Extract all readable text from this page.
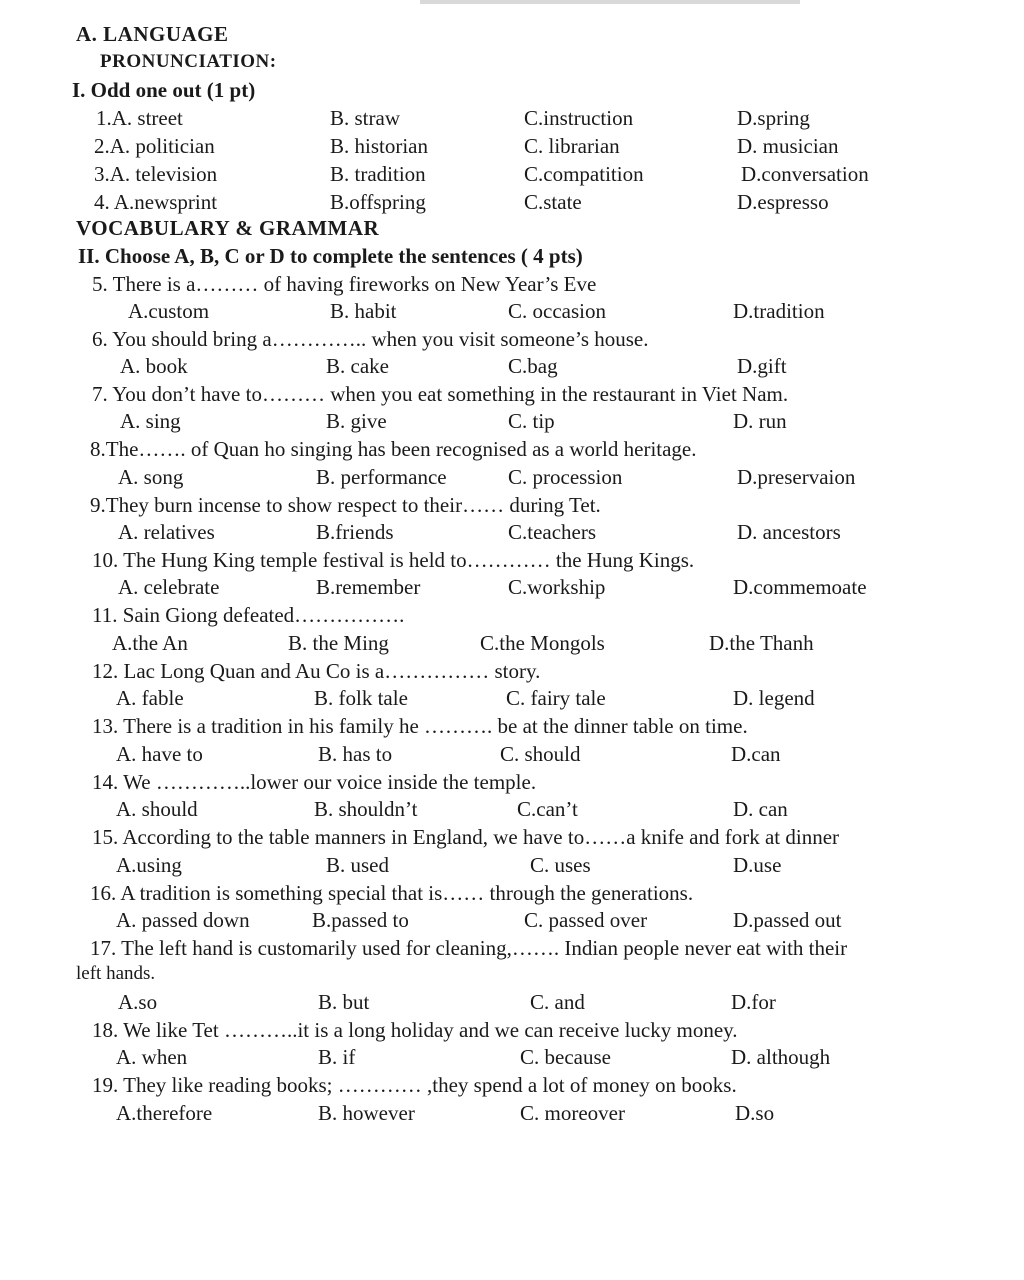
A. LANGUAGE
PRONUNCIATION:
I. Odd one out (1 pt)
1.A. street	B. straw	C.instruction	D.spring
2.A. politician	B. historian	C. librarian	D. musician
3.A. television	B. tradition	C.compatition	D.conversation
4. A.newsprint	B.offspring	C.state	D.espresso
VOCABULARY & GRAMMAR
II. Choose A, B, C or D to complete the sentences ( 4 pts)
5. There is a……… of having fireworks on New Year’s Eve
A.custom	B. habit	C. occasion	D.tradition
6. You should bring a………….. when you visit someone’s house.
A. book	B. cake	C.bag	D.gift
7. You don’t have to……… when you eat something in the restaurant in Viet Nam.
A. sing	B. give	C. tip	D. run
8.The……. of Quan ho singing has been recognised as a world heritage.
A. song	B. performance	C. procession	D.preservaion
9.They burn incense to show respect to their…… during Tet.
A. relatives	B.friends	C.teachers	D. ancestors
10. The Hung King temple festival is held to………… the Hung Kings.
A. celebrate	B.remember	C.workship	D.commemoate
11. Sain Giong defeated…………….
A.the An	B. the Ming	C.the Mongols	D.the Thanh
12. Lac Long Quan and Au Co is a…………… story.
A. fable	B. folk tale	C. fairy tale	D. legend
13. There is a tradition in his family he ………. be at the dinner table on time.
A. have to	B. has to	C. should	D.can
14. We …………..lower our voice inside the temple.
A. should	B. shouldn’t	C.can’t	D. can
15. According to the table manners in England, we have to……a knife and fork at dinner
A.using	B. used	C. uses	D.use
16. A tradition is something special that is…… through the generations.
A. passed down	B.passed to	C. passed over	D.passed out
17. The left hand is customarily used for cleaning,……. Indian people never eat with their
left hands.
A.so	B. but	C. and	D.for
18. We like Tet ………..it is a long holiday and we can receive lucky money.
A. when	B. if	C. because	D. although
19. They like reading books; ………… ,they spend a lot of money on books.
A.therefore	B. however	C. moreover	D.so
